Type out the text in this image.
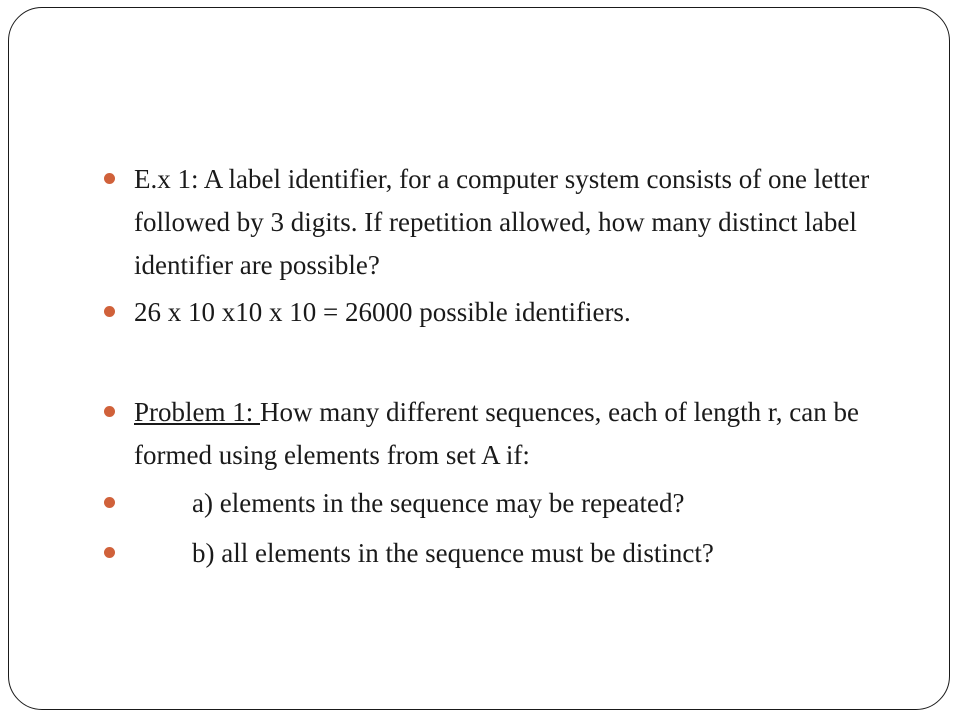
E.x 1: A label identifier, for a computer system consists of one letter followed by 3 digits. If repetition allowed, how many distinct label identifier are possible?

26 x 10 x10 x 10 = 26000 possible identifiers.

Problem 1: How many different sequences, each of length r, can be formed using elements from set A if:

a) elements in the sequence may be repeated?

b) all elements in the sequence must be distinct?
